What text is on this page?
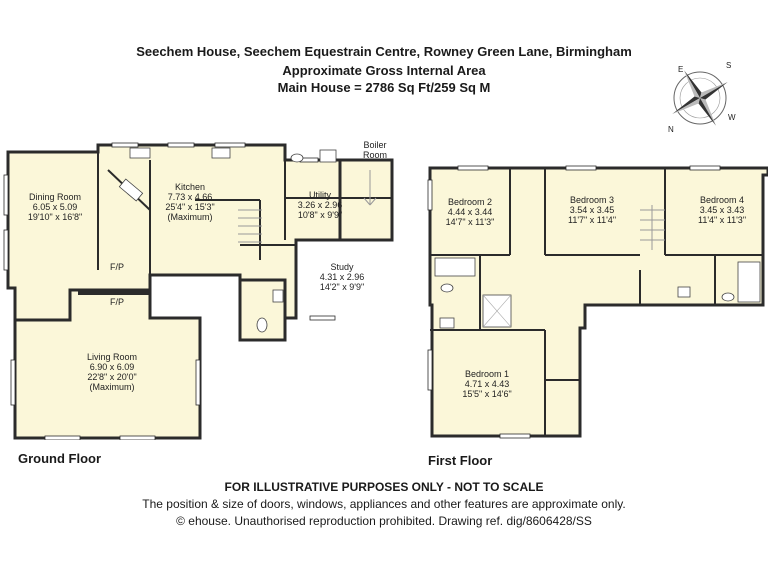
Seechem House, Seechem Equestrain Centre, Rowney Green Lane, Birmingham
Approximate Gross Internal Area
Main House = 2786 Sq Ft/259 Sq M
E	S
N
W
Dining Room
6.05 x 5.09
19'10" x 16'8"
Kitchen
7.73 x 4.66
25'4" x 15'3"
(Maximum)
Utility
3.26 x 2.96
10'8" x 9'9"
Study
4.31 x 2.96
14'2" x 9'9"
Living Room
6.90 x 6.09
22'8" x 20'0"
(Maximum)
Boiler
Room
F/P
F/P
Bedroom 2
4.44 x 3.44
14'7" x 11'3"
Bedroom 3
3.54 x 3.45
11'7" x 11'4"
Bedroom 4
3.45 x 3.43
11'4" x 11'3"
Bedroom 1
4.71 x 4.43
15'5" x 14'6"
Ground Floor	First Floor
FOR ILLUSTRATIVE PURPOSES ONLY - NOT TO SCALE
The position & size of doors, windows, appliances and other features are approximate only.
© ehouse. Unauthorised reproduction prohibited. Drawing ref. dig/8606428/SS
